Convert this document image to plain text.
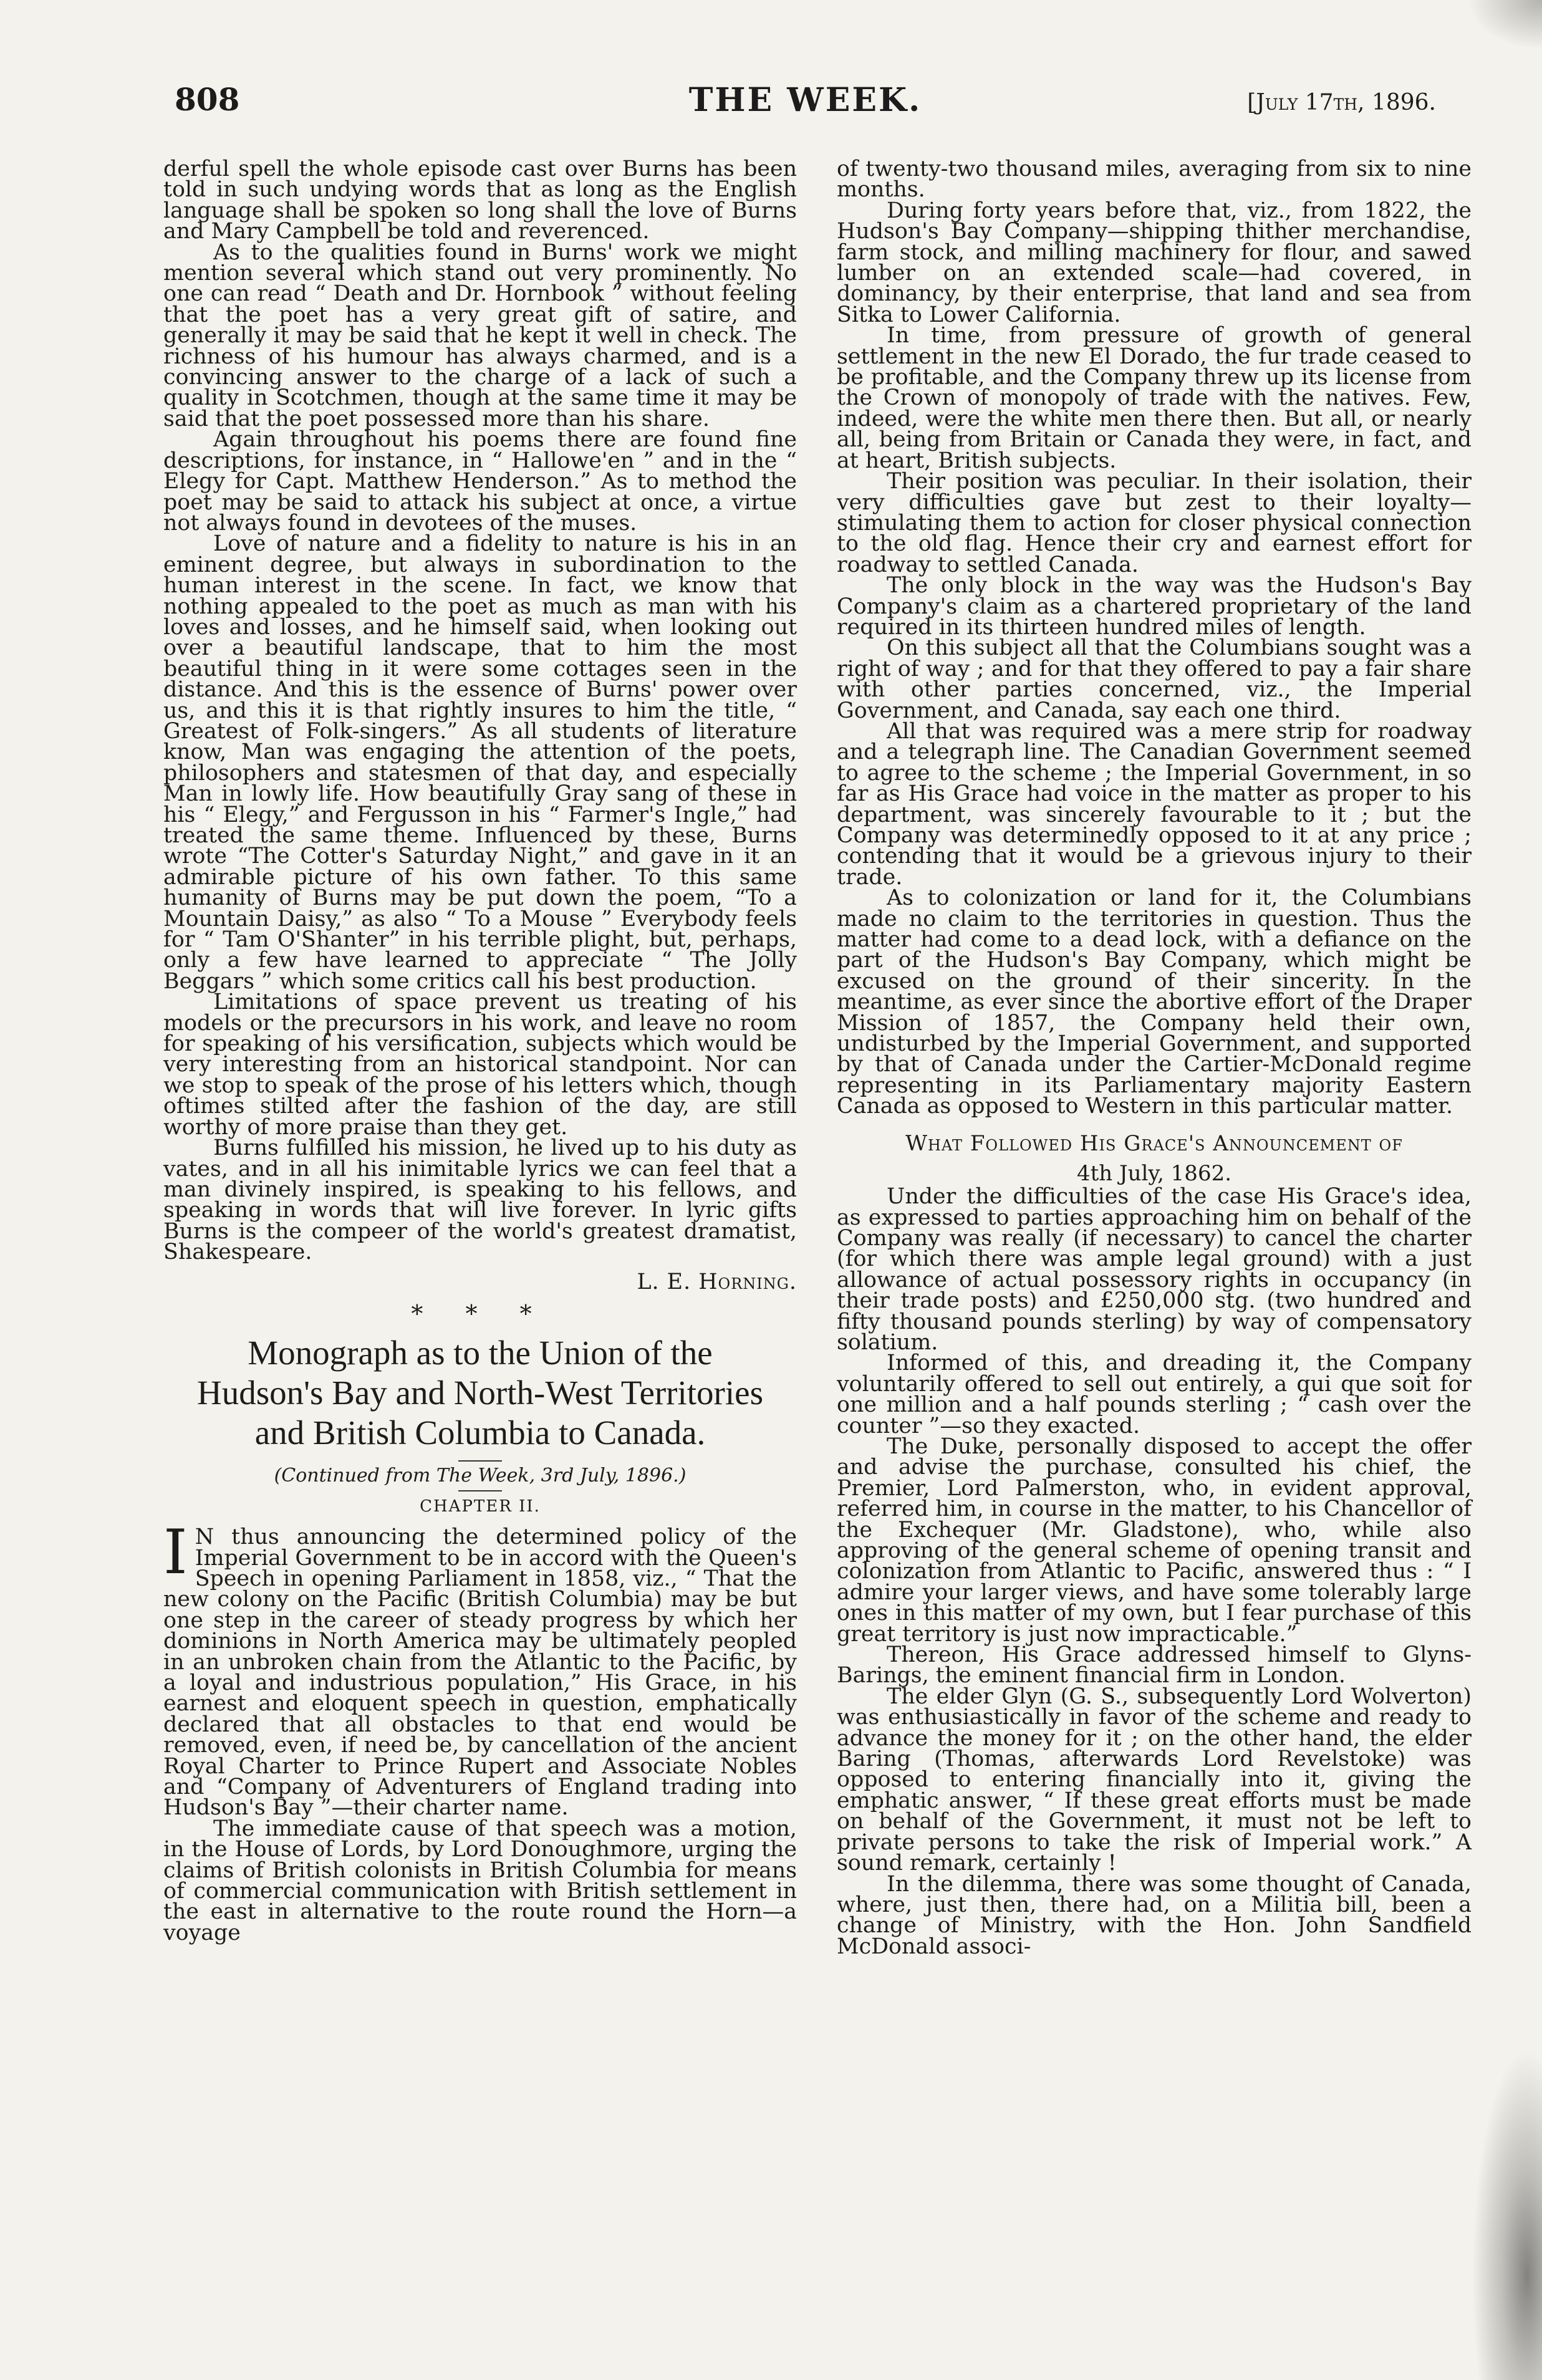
808	THE WEEK.	[July 17th, 1896.

derful spell the whole episode cast over Burns has been told in such undying words that as long as the English language shall be spoken so long shall the love of Burns and Mary Campbell be told and reverenced.

As to the qualities found in Burns' work we might mention several which stand out very prominently. No one can read “ Death and Dr. Hornbook ” without feeling that the poet has a very great gift of satire, and generally it may be said that he kept it well in check. The richness of his humour has always charmed, and is a convincing answer to the charge of a lack of such a quality in Scotchmen, though at the same time it may be said that the poet possessed more than his share.

Again throughout his poems there are found fine descriptions, for instance, in “ Hallowe'en ” and in the “ Elegy for Capt. Matthew Henderson.” As to method the poet may be said to attack his subject at once, a virtue not always found in devotees of the muses.

Love of nature and a fidelity to nature is his in an eminent degree, but always in subordination to the human interest in the scene. In fact, we know that nothing appealed to the poet as much as man with his loves and losses, and he himself said, when looking out over a beautiful landscape, that to him the most beautiful thing in it were some cottages seen in the distance. And this is the essence of Burns' power over us, and this it is that rightly insures to him the title, “ Greatest of Folk-singers.” As all students of literature know, Man was engaging the attention of the poets, philosophers and statesmen of that day, and especially Man in lowly life. How beautifully Gray sang of these in his “ Elegy,” and Fergusson in his “ Farmer's Ingle,” had treated the same theme. Influenced by these, Burns wrote “The Cotter's Saturday Night,” and gave in it an admirable picture of his own father. To this same humanity of Burns may be put down the poem, “To a Mountain Daisy,” as also “ To a Mouse ” Everybody feels for “ Tam O'Shanter” in his terrible plight, but, perhaps, only a few have learned to appreciate “ The Jolly Beggars ” which some critics call his best production.

Limitations of space prevent us treating of his models or the precursors in his work, and leave no room for speaking of his versification, subjects which would be very interesting from an historical standpoint. Nor can we stop to speak of the prose of his letters which, though oftimes stilted after the fashion of the day, are still worthy of more praise than they get.

Burns fulfilled his mission, he lived up to his duty as vates, and in all his inimitable lyrics we can feel that a man divinely inspired, is speaking to his fellows, and speaking in words that will live forever. In lyric gifts Burns is the compeer of the world's greatest dramatist, Shakespeare.

L. E. Horning.
* * *
Monograph as to the Union of the Hudson's Bay and North-West Territories and British Columbia to Canada.
(Continued from The Week, 3rd July, 1896.)
CHAPTER II.

I N thus announcing the determined policy of the Imperial Government to be in accord with the Queen's Speech in opening Parliament in 1858, viz., “ That the new colony on the Pacific (British Columbia) may be but one step in the career of steady progress by which her dominions in North America may be ultimately peopled in an unbroken chain from the Atlantic to the Pacific, by a loyal and industrious population,” His Grace, in his earnest and eloquent speech in question, emphatically declared that all obstacles to that end would be removed, even, if need be, by cancellation of the ancient Royal Charter to Prince Rupert and Associate Nobles and “Company of Adventurers of England trading into Hudson's Bay ”—their charter name.

The immediate cause of that speech was a motion, in the House of Lords, by Lord Donoughmore, urging the claims of British colonists in British Columbia for means of commercial communication with British settlement in the east in alternative to the route round the Horn—a voyage

of twenty-two thousand miles, averaging from six to nine months.

During forty years before that, viz., from 1822, the Hudson's Bay Company—shipping thither merchandise, farm stock, and milling machinery for flour, and sawed lumber on an extended scale—had covered, in dominancy, by their enterprise, that land and sea from Sitka to Lower California.

In time, from pressure of growth of general settlement in the new El Dorado, the fur trade ceased to be profitable, and the Company threw up its license from the Crown of monopoly of trade with the natives. Few, indeed, were the white men there then. But all, or nearly all, being from Britain or Canada they were, in fact, and at heart, British subjects.

Their position was peculiar. In their isolation, their very difficulties gave but zest to their loyalty—stimulating them to action for closer physical connection to the old flag. Hence their cry and earnest effort for roadway to settled Canada.

The only block in the way was the Hudson's Bay Company's claim as a chartered proprietary of the land required in its thirteen hundred miles of length.

On this subject all that the Columbians sought was a right of way ; and for that they offered to pay a fair share with other parties concerned, viz., the Imperial Government, and Canada, say each one third.

All that was required was a mere strip for roadway and a telegraph line. The Canadian Government seemed to agree to the scheme ; the Imperial Government, in so far as His Grace had voice in the matter as proper to his department, was sincerely favourable to it ; but the Company was determinedly opposed to it at any price ; contending that it would be a grievous injury to their trade.

As to colonization or land for it, the Columbians made no claim to the territories in question. Thus the matter had come to a dead lock, with a defiance on the part of the Hudson's Bay Company, which might be excused on the ground of their sincerity. In the meantime, as ever since the abortive effort of the Draper Mission of 1857, the Company held their own, undisturbed by the Imperial Government, and supported by that of Canada under the Cartier-McDonald regime representing in its Parliamentary majority Eastern Canada as opposed to Western in this particular matter.

What Followed His Grace's Announcement of
4th July, 1862.

Under the difficulties of the case His Grace's idea, as expressed to parties approaching him on behalf of the Company was really (if necessary) to cancel the charter (for which there was ample legal ground) with a just allowance of actual possessory rights in occupancy (in their trade posts) and £250,000 stg. (two hundred and fifty thousand pounds sterling) by way of compensatory solatium.

Informed of this, and dreading it, the Company voluntarily offered to sell out entirely, a qui que soit for one million and a half pounds sterling ; “ cash over the counter ”—so they exacted.

The Duke, personally disposed to accept the offer and advise the purchase, consulted his chief, the Premier, Lord Palmerston, who, in evident approval, referred him, in course in the matter, to his Chancellor of the Exchequer (Mr. Gladstone), who, while also approving of the general scheme of opening transit and colonization from Atlantic to Pacific, answered thus : “ I admire your larger views, and have some tolerably large ones in this matter of my own, but I fear purchase of this great territory is just now impracticable.”

Thereon, His Grace addressed himself to Glyns-Barings, the eminent financial firm in London.

The elder Glyn (G. S., subsequently Lord Wolverton) was enthusiastically in favor of the scheme and ready to advance the money for it ; on the other hand, the elder Baring (Thomas, afterwards Lord Revelstoke) was opposed to entering financially into it, giving the emphatic answer, “ If these great efforts must be made on behalf of the Government, it must not be left to private persons to take the risk of Imperial work.” A sound remark, certainly !

In the dilemma, there was some thought of Canada, where, just then, there had, on a Militia bill, been a change of Ministry, with the Hon. John Sandfield McDonald associ-
